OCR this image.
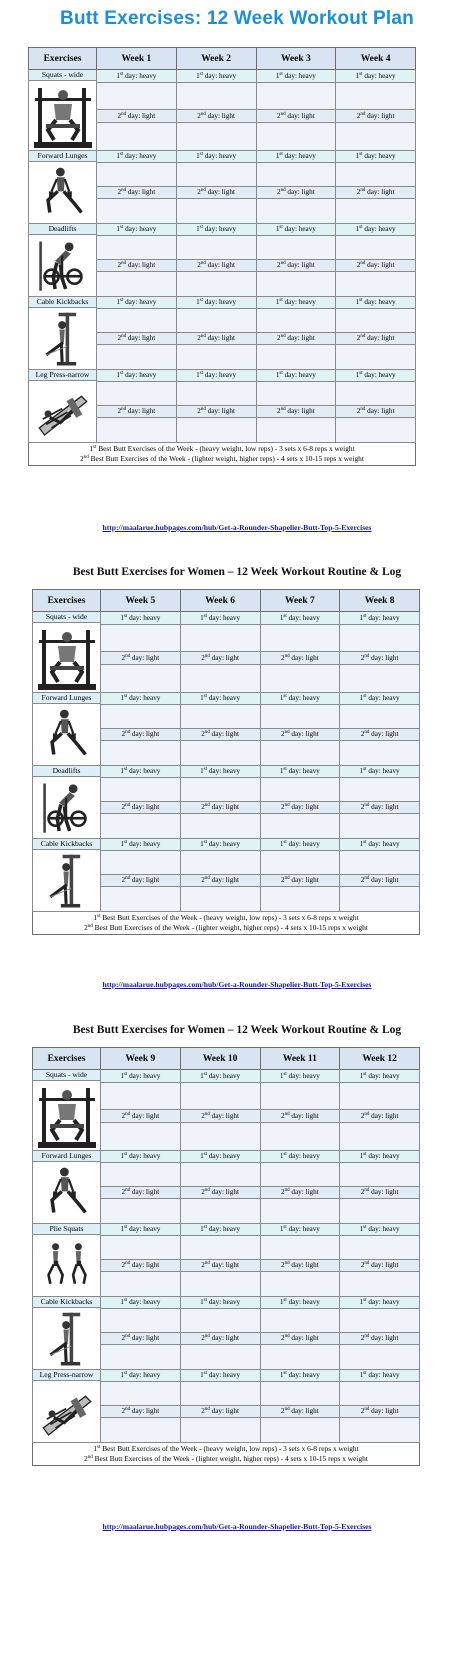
Butt Exercises: 12 Week Workout Plan
Best Butt Exercises for Women – 12 Week Workout Routine & Log
Best Butt Exercises for Women – 12 Week Workout Routine & Log
Exercises	Week 1	Week 2	Week 3	Week 4

Squats - wide	1st day: heavy	1st day: heavy	1st day: heavy	1st day: heavy

	2nd day: light	2nd day: light	2nd day: light	2nd day: light

Forward Lunges	1st day: heavy	1st day: heavy	1st day: heavy	1st day: heavy

	2nd day: light	2nd day: light	2nd day: light	2nd day: light

Deadlifts	1st day: heavy	1st day: heavy	1st day: heavy	1st day: heavy

	2nd day: light	2nd day: light	2nd day: light	2nd day: light

Cable Kickbacks	1st day: heavy	1st day: heavy	1st day: heavy	1st day: heavy

	2nd day: light	2nd day: light	2nd day: light	2nd day: light

Leg Press-narrow	1st day: heavy	1st day: heavy	1st day: heavy	1st day: heavy

	2nd day: light	2nd day: light	2nd day: light	2nd day: light

1st Best Butt Exercises of the Week - (heavy weight, low reps) - 3 sets x 6-8 reps x weight
2nd Best Butt Exercises of the Week - (lighter weight, higher reps) - 4 sets x 10-15 reps x weight
http://maalarue.hubpages.com/hub/Get-a-Rounder-Shapelier-Butt-Top-5-Exercises
Exercises	Week 5	Week 6	Week 7	Week 8

Squats - wide	1st day: heavy	1st day: heavy	1st day: heavy	1st day: heavy

	2nd day: light	2nd day: light	2nd day: light	2nd day: light

Forward Lunges	1st day: heavy	1st day: heavy	1st day: heavy	1st day: heavy

	2nd day: light	2nd day: light	2nd day: light	2nd day: light

Deadlifts	1st day: heavy	1st day: heavy	1st day: heavy	1st day: heavy

	2nd day: light	2nd day: light	2nd day: light	2nd day: light

Cable Kickbacks	1st day: heavy	1st day: heavy	1st day: heavy	1st day: heavy

	2nd day: light	2nd day: light	2nd day: light	2nd day: light

1st Best Butt Exercises of the Week - (heavy weight, low reps) - 3 sets x 6-8 reps x weight
2nd Best Butt Exercises of the Week - (lighter weight, higher reps) - 4 sets x 10-15 reps x weight
http://maalarue.hubpages.com/hub/Get-a-Rounder-Shapelier-Butt-Top-5-Exercises
Exercises	Week 9	Week 10	Week 11	Week 12

Squats - wide	1st day: heavy	1st day: heavy	1st day: heavy	1st day: heavy

	2nd day: light	2nd day: light	2nd day: light	2nd day: light

Forward Lunges	1st day: heavy	1st day: heavy	1st day: heavy	1st day: heavy

	2nd day: light	2nd day: light	2nd day: light	2nd day: light

Plie Squats	1st day: heavy	1st day: heavy	1st day: heavy	1st day: heavy

	2nd day: light	2nd day: light	2nd day: light	2nd day: light

Cable Kickbacks	1st day: heavy	1st day: heavy	1st day: heavy	1st day: heavy

	2nd day: light	2nd day: light	2nd day: light	2nd day: light

Leg Press-narrow	1st day: heavy	1st day: heavy	1st day: heavy	1st day: heavy

	2nd day: light	2nd day: light	2nd day: light	2nd day: light

1st Best Butt Exercises of the Week - (heavy weight, low reps) - 3 sets x 6-8 reps x weight
2nd Best Butt Exercises of the Week - (lighter weight, higher reps) - 4 sets x 10-15 reps x weight
http://maalarue.hubpages.com/hub/Get-a-Rounder-Shapelier-Butt-Top-5-Exercises
